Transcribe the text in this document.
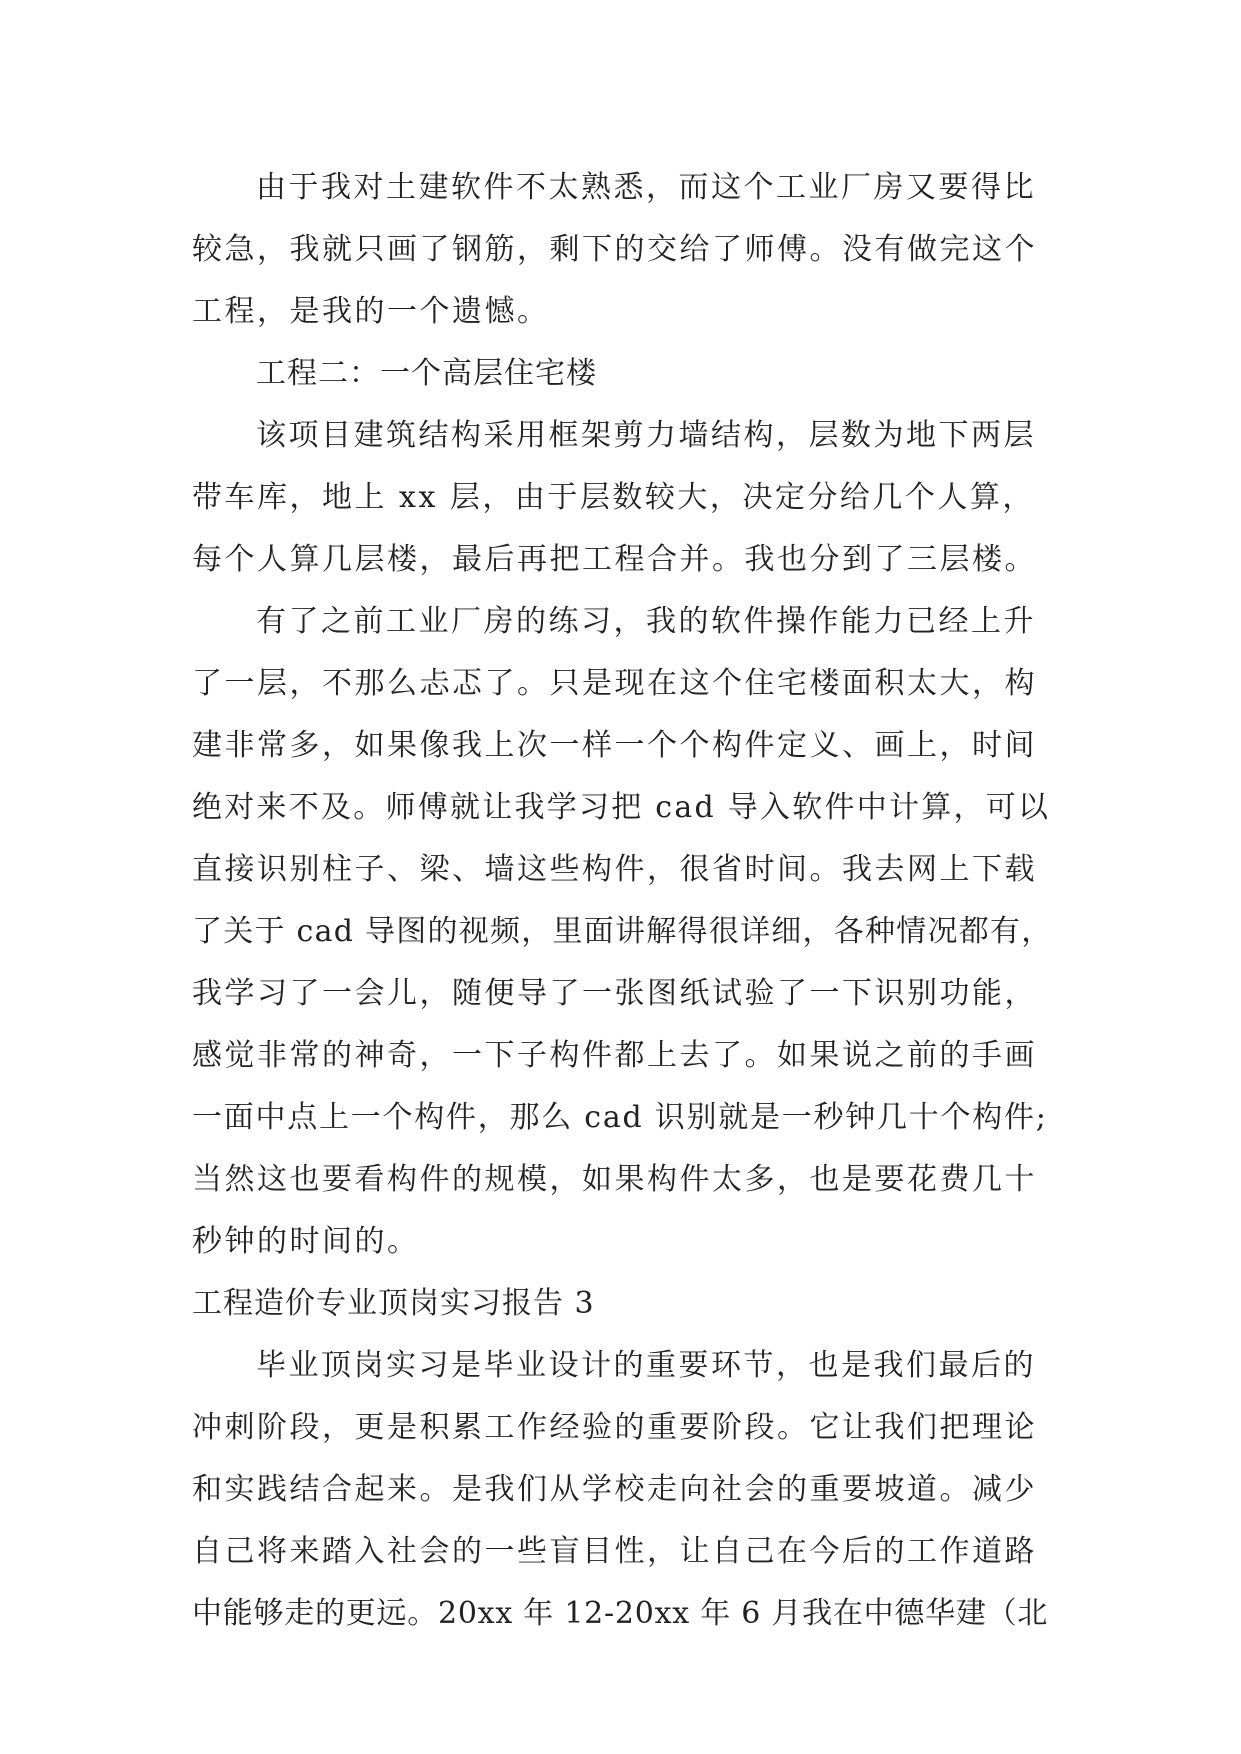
由于我对土建软件不太熟悉，而这个工业厂房又要得比
较急，我就只画了钢筋，剩下的交给了师傅。没有做完这个
工程，是我的一个遗憾。
工程二：一个高层住宅楼
该项目建筑结构采用框架剪力墙结构，层数为地下两层
带车库，地上 xx 层，由于层数较大，决定分给几个人算，
每个人算几层楼，最后再把工程合并。我也分到了三层楼。
有了之前工业厂房的练习，我的软件操作能力已经上升
了一层，不那么忐忑了。只是现在这个住宅楼面积太大，构
建非常多，如果像我上次一样一个个构件定义、画上，时间
绝对来不及。师傅就让我学习把 cad 导入软件中计算，可以
直接识别柱子、梁、墙这些构件，很省时间。我去网上下载
了关于 cad 导图的视频，里面讲解得很详细，各种情况都有，
我学习了一会儿，随便导了一张图纸试验了一下识别功能，
感觉非常的神奇，一下子构件都上去了。如果说之前的手画
一面中点上一个构件，那么 cad 识别就是一秒钟几十个构件;
当然这也要看构件的规模，如果构件太多，也是要花费几十
秒钟的时间的。
工程造价专业顶岗实习报告 3
毕业顶岗实习是毕业设计的重要环节，也是我们最后的
冲刺阶段，更是积累工作经验的重要阶段。它让我们把理论
和实践结合起来。是我们从学校走向社会的重要坡道。减少
自己将来踏入社会的一些盲目性，让自己在今后的工作道路
中能够走的更远。20xx 年 12-20xx 年 6 月我在中德华建（北
